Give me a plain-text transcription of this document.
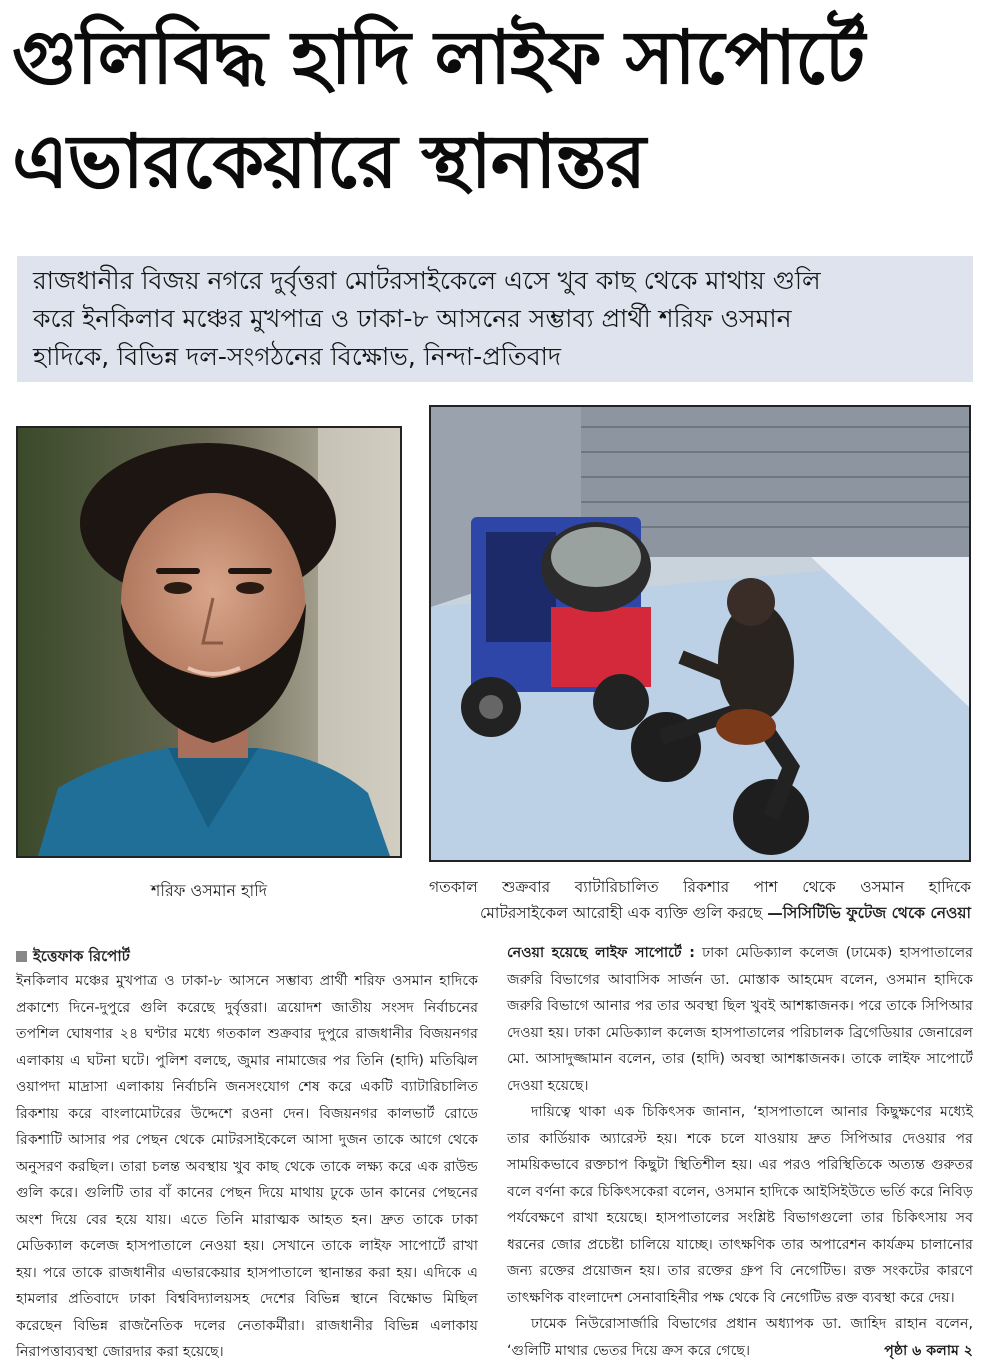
গুলিবিদ্ধ হাদি লাইফ সাপোর্টে
এভারকেয়ারে স্থানান্তর
রাজধানীর বিজয় নগরে দুর্বৃত্তরা মোটরসাইকেলে এসে খুব কাছ থেকে মাথায় গুলি
করে ইনকিলাব মঞ্চের মুখপাত্র ও ঢাকা-৮ আসনের সম্ভাব্য প্রার্থী শরিফ ওসমান
হাদিকে, বিভিন্ন দল-সংগঠনের বিক্ষোভ, নিন্দা-প্রতিবাদ
শরিফ ওসমান হাদি	গতকাল শুক্রবার ব্যাটারিচালিত রিকশার পাশ থেকে ওসমান হাদিকে
মোটরসাইকেল আরোহী এক ব্যক্তি গুলি করছে —সিসিটিভি ফুটেজ থেকে নেওয়া
ইত্তেফাক রিপোর্ট

ইনকিলাব মঞ্চের মুখপাত্র ও ঢাকা-৮ আসনে সম্ভাব্য প্রার্থী শরিফ ওসমান হাদিকে প্রকাশ্যে দিনে-দুপুরে গুলি করেছে দুর্বৃত্তরা। ত্রয়োদশ জাতীয় সংসদ নির্বাচনের তপশিল ঘোষণার ২৪ ঘণ্টার মধ্যে গতকাল শুক্রবার দুপুরে রাজধানীর বিজয়নগর এলাকায় এ ঘটনা ঘটে। পুলিশ বলছে, জুমার নামাজের পর তিনি (হাদি) মতিঝিল ওয়াপদা মাদ্রাসা এলাকায় নির্বাচনি জনসংযোগ শেষ করে একটি ব্যাটারিচালিত রিকশায় করে বাংলামোটরের উদ্দেশে রওনা দেন। বিজয়নগর কালভার্ট রোডে রিকশাটি আসার পর পেছন থেকে মোটরসাইকেলে আসা দুজন তাকে আগে থেকে অনুসরণ করছিল। তারা চলন্ত অবস্থায় খুব কাছ থেকে তাকে লক্ষ্য করে এক রাউন্ড গুলি করে। গুলিটি তার বাঁ কানের পেছন দিয়ে মাথায় ঢুকে ডান কানের পেছনের অংশ দিয়ে বের হয়ে যায়। এতে তিনি মারাত্মক আহত হন। দ্রুত তাকে ঢাকা মেডিক্যাল কলেজ হাসপাতালে নেওয়া হয়। সেখানে তাকে লাইফ সাপোর্টে রাখা হয়। পরে তাকে রাজধানীর এভারকেয়ার হাসপাতালে স্থানান্তর করা হয়। এদিকে এ হামলার প্রতিবাদে ঢাকা বিশ্ববিদ্যালয়সহ দেশের বিভিন্ন স্থানে বিক্ষোভ মিছিল করেছেন বিভিন্ন রাজনৈতিক দলের নেতাকর্মীরা। রাজধানীর বিভিন্ন এলাকায় নিরাপত্তাব্যবস্থা জোরদার করা হয়েছে।

নেওয়া হয়েছে লাইফ সাপোর্টে : ঢাকা মেডিক্যাল কলেজ (ঢামেক) হাসপাতালের জরুরি বিভাগের আবাসিক সার্জন ডা. মোস্তাক আহমেদ বলেন, ওসমান হাদিকে জরুরি বিভাগে আনার পর তার অবস্থা ছিল খুবই আশঙ্কাজনক। পরে তাকে সিপিআর দেওয়া হয়। ঢাকা মেডিক্যাল কলেজ হাসপাতালের পরিচালক ব্রিগেডিয়ার জেনারেল মো. আসাদুজ্জামান বলেন, তার (হাদি) অবস্থা আশঙ্কাজনক। তাকে লাইফ সাপোর্টে দেওয়া হয়েছে।

দায়িত্বে থাকা এক চিকিৎসক জানান, ‘হাসপাতালে আনার কিছুক্ষণের মধ্যেই তার কার্ডিয়াক অ্যারেস্ট হয়। শকে চলে যাওয়ায় দ্রুত সিপিআর দেওয়ার পর সাময়িকভাবে রক্তচাপ কিছুটা স্থিতিশীল হয়। এর পরও পরিস্থিতিকে অত্যন্ত গুরুতর বলে বর্ণনা করে চিকিৎসকেরা বলেন, ওসমান হাদিকে আইসিইউতে ভর্তি করে নিবিড় পর্যবেক্ষণে রাখা হয়েছে। হাসপাতালের সংশ্লিষ্ট বিভাগগুলো তার চিকিৎসায় সব ধরনের জোর প্রচেষ্টা চালিয়ে যাচ্ছে। তাৎক্ষণিক তার অপারেশন কার্যক্রম চালানোর জন্য রক্তের প্রয়োজন হয়। তার রক্তের গ্রুপ বি নেগেটিভ। রক্ত সংকটের কারণে তাৎক্ষণিক বাংলাদেশ সেনাবাহিনীর পক্ষ থেকে বি নেগেটিভ রক্ত ব্যবস্থা করে দেয়।

ঢামেক নিউরোসার্জারি বিভাগের প্রধান অধ্যাপক ডা. জাহিদ রাহান বলেন, ‘গুলিটি মাথার ভেতর দিয়ে ক্রস করে গেছে।	পৃষ্ঠা ৬ কলাম ২
